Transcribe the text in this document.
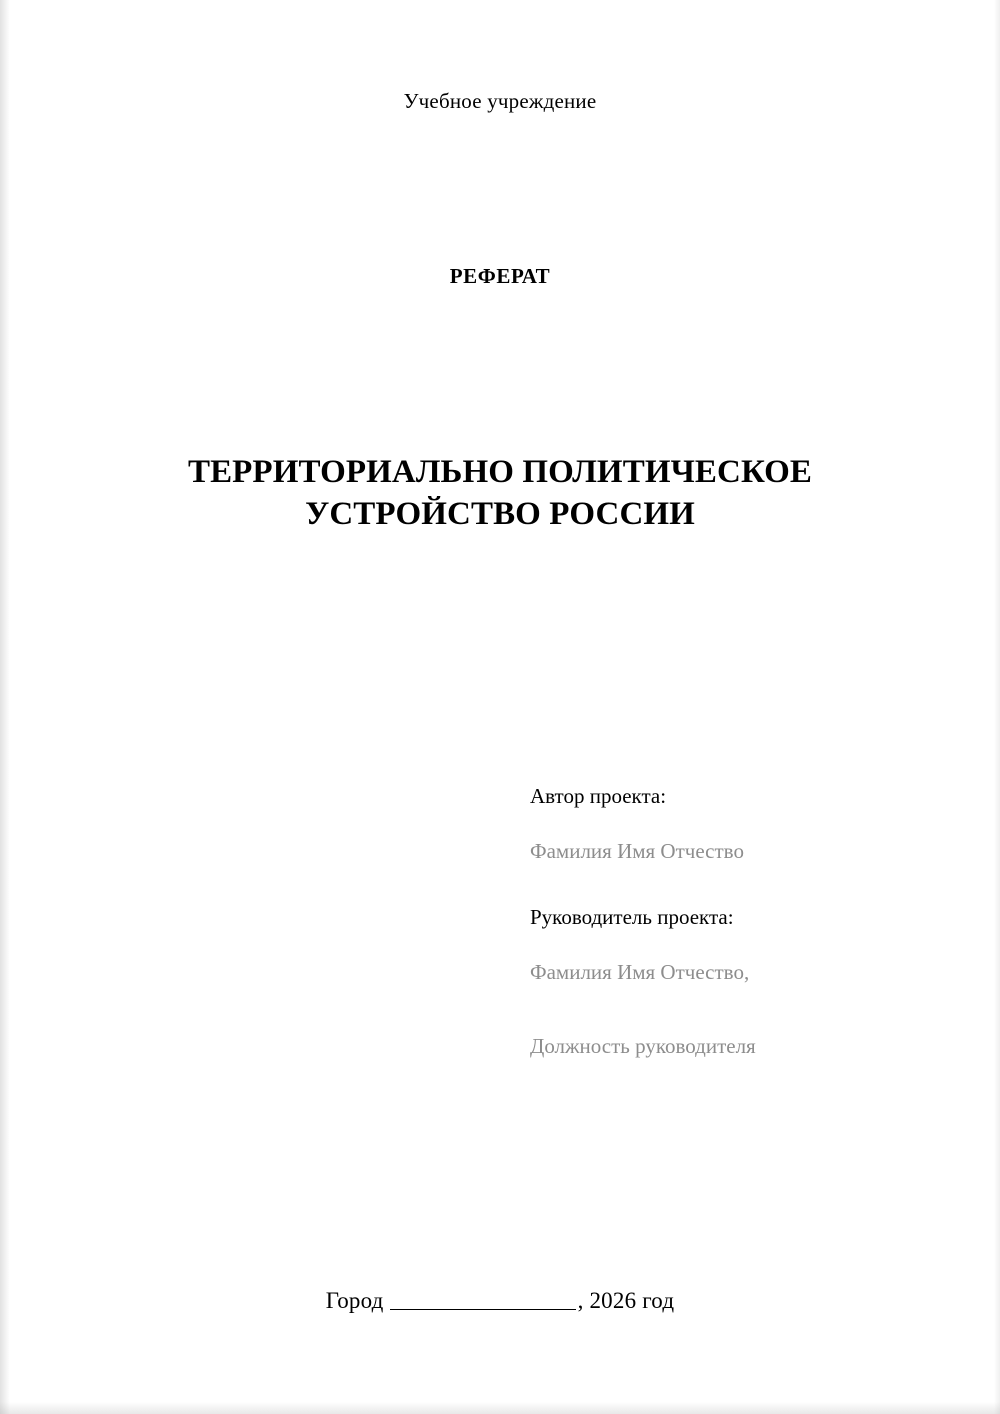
Учебное учреждение
РЕФЕРАТ
ТЕРРИТОРИАЛЬНО ПОЛИТИЧЕСКОЕ УСТРОЙСТВО РОССИИ

Автор проекта:

Фамилия Имя Отчество

Руководитель проекта:

Фамилия Имя Отчество,

Должность руководителя

Город	, 2026 год
